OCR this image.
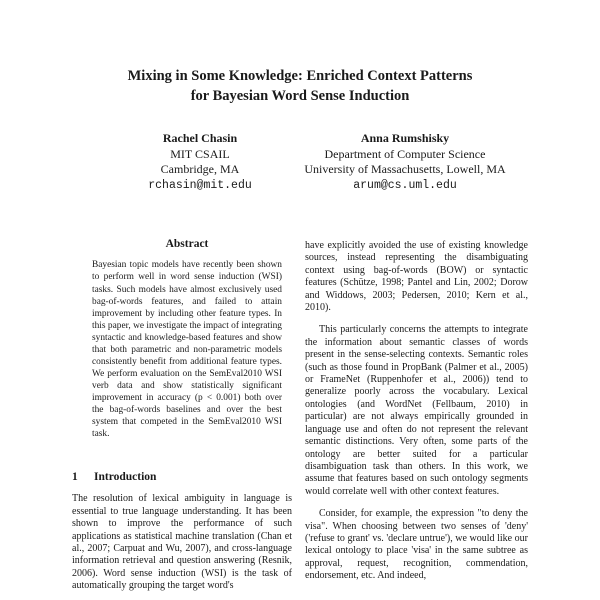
Mixing in Some Knowledge: Enriched Context Patterns
for Bayesian Word Sense Induction
Rachel Chasin
MIT CSAIL
Cambridge, MA
rchasin@mit.edu
Anna Rumshisky
Department of Computer Science
University of Massachusetts, Lowell, MA
arum@cs.uml.edu
Abstract

Bayesian topic models have recently been shown to perform well in word sense induction (WSI) tasks. Such models have almost exclusively used bag-of-words features, and failed to attain improvement by including other feature types. In this paper, we investigate the impact of integrating syntactic and knowledge-based features and show that both parametric and non-parametric models consistently benefit from additional feature types. We perform evaluation on the SemEval2010 WSI verb data and show statistically significant improvement in accuracy (p < 0.001) both over the bag-of-words baselines and over the best system that competed in the SemEval2010 WSI task.

1 Introduction

The resolution of lexical ambiguity in language is essential to true language understanding. It has been shown to improve the performance of such applications as statistical machine translation (Chan et al., 2007; Carpuat and Wu, 2007), and cross-language information retrieval and question answering (Resnik, 2006). Word sense induction (WSI) is the task of automatically grouping the target word's

have explicitly avoided the use of existing knowledge sources, instead representing the disambiguating context using bag-of-words (BOW) or syntactic features (Schütze, 1998; Pantel and Lin, 2002; Dorow and Widdows, 2003; Pedersen, 2010; Kern et al., 2010).

This particularly concerns the attempts to integrate the information about semantic classes of words present in the sense-selecting contexts. Semantic roles (such as those found in PropBank (Palmer et al., 2005) or FrameNet (Ruppenhofer et al., 2006)) tend to generalize poorly across the vocabulary. Lexical ontologies (and WordNet (Fellbaum, 2010) in particular) are not always empirically grounded in language use and often do not represent the relevant semantic distinctions. Very often, some parts of the ontology are better suited for a particular disambiguation task than others. In this work, we assume that features based on such ontology segments would correlate well with other context features.

Consider, for example, the expression "to deny the visa". When choosing between two senses of 'deny' ('refuse to grant' vs. 'declare untrue'), we would like our lexical ontology to place 'visa' in the same subtree as approval, request, recognition, commendation, endorsement, etc. And indeed,
